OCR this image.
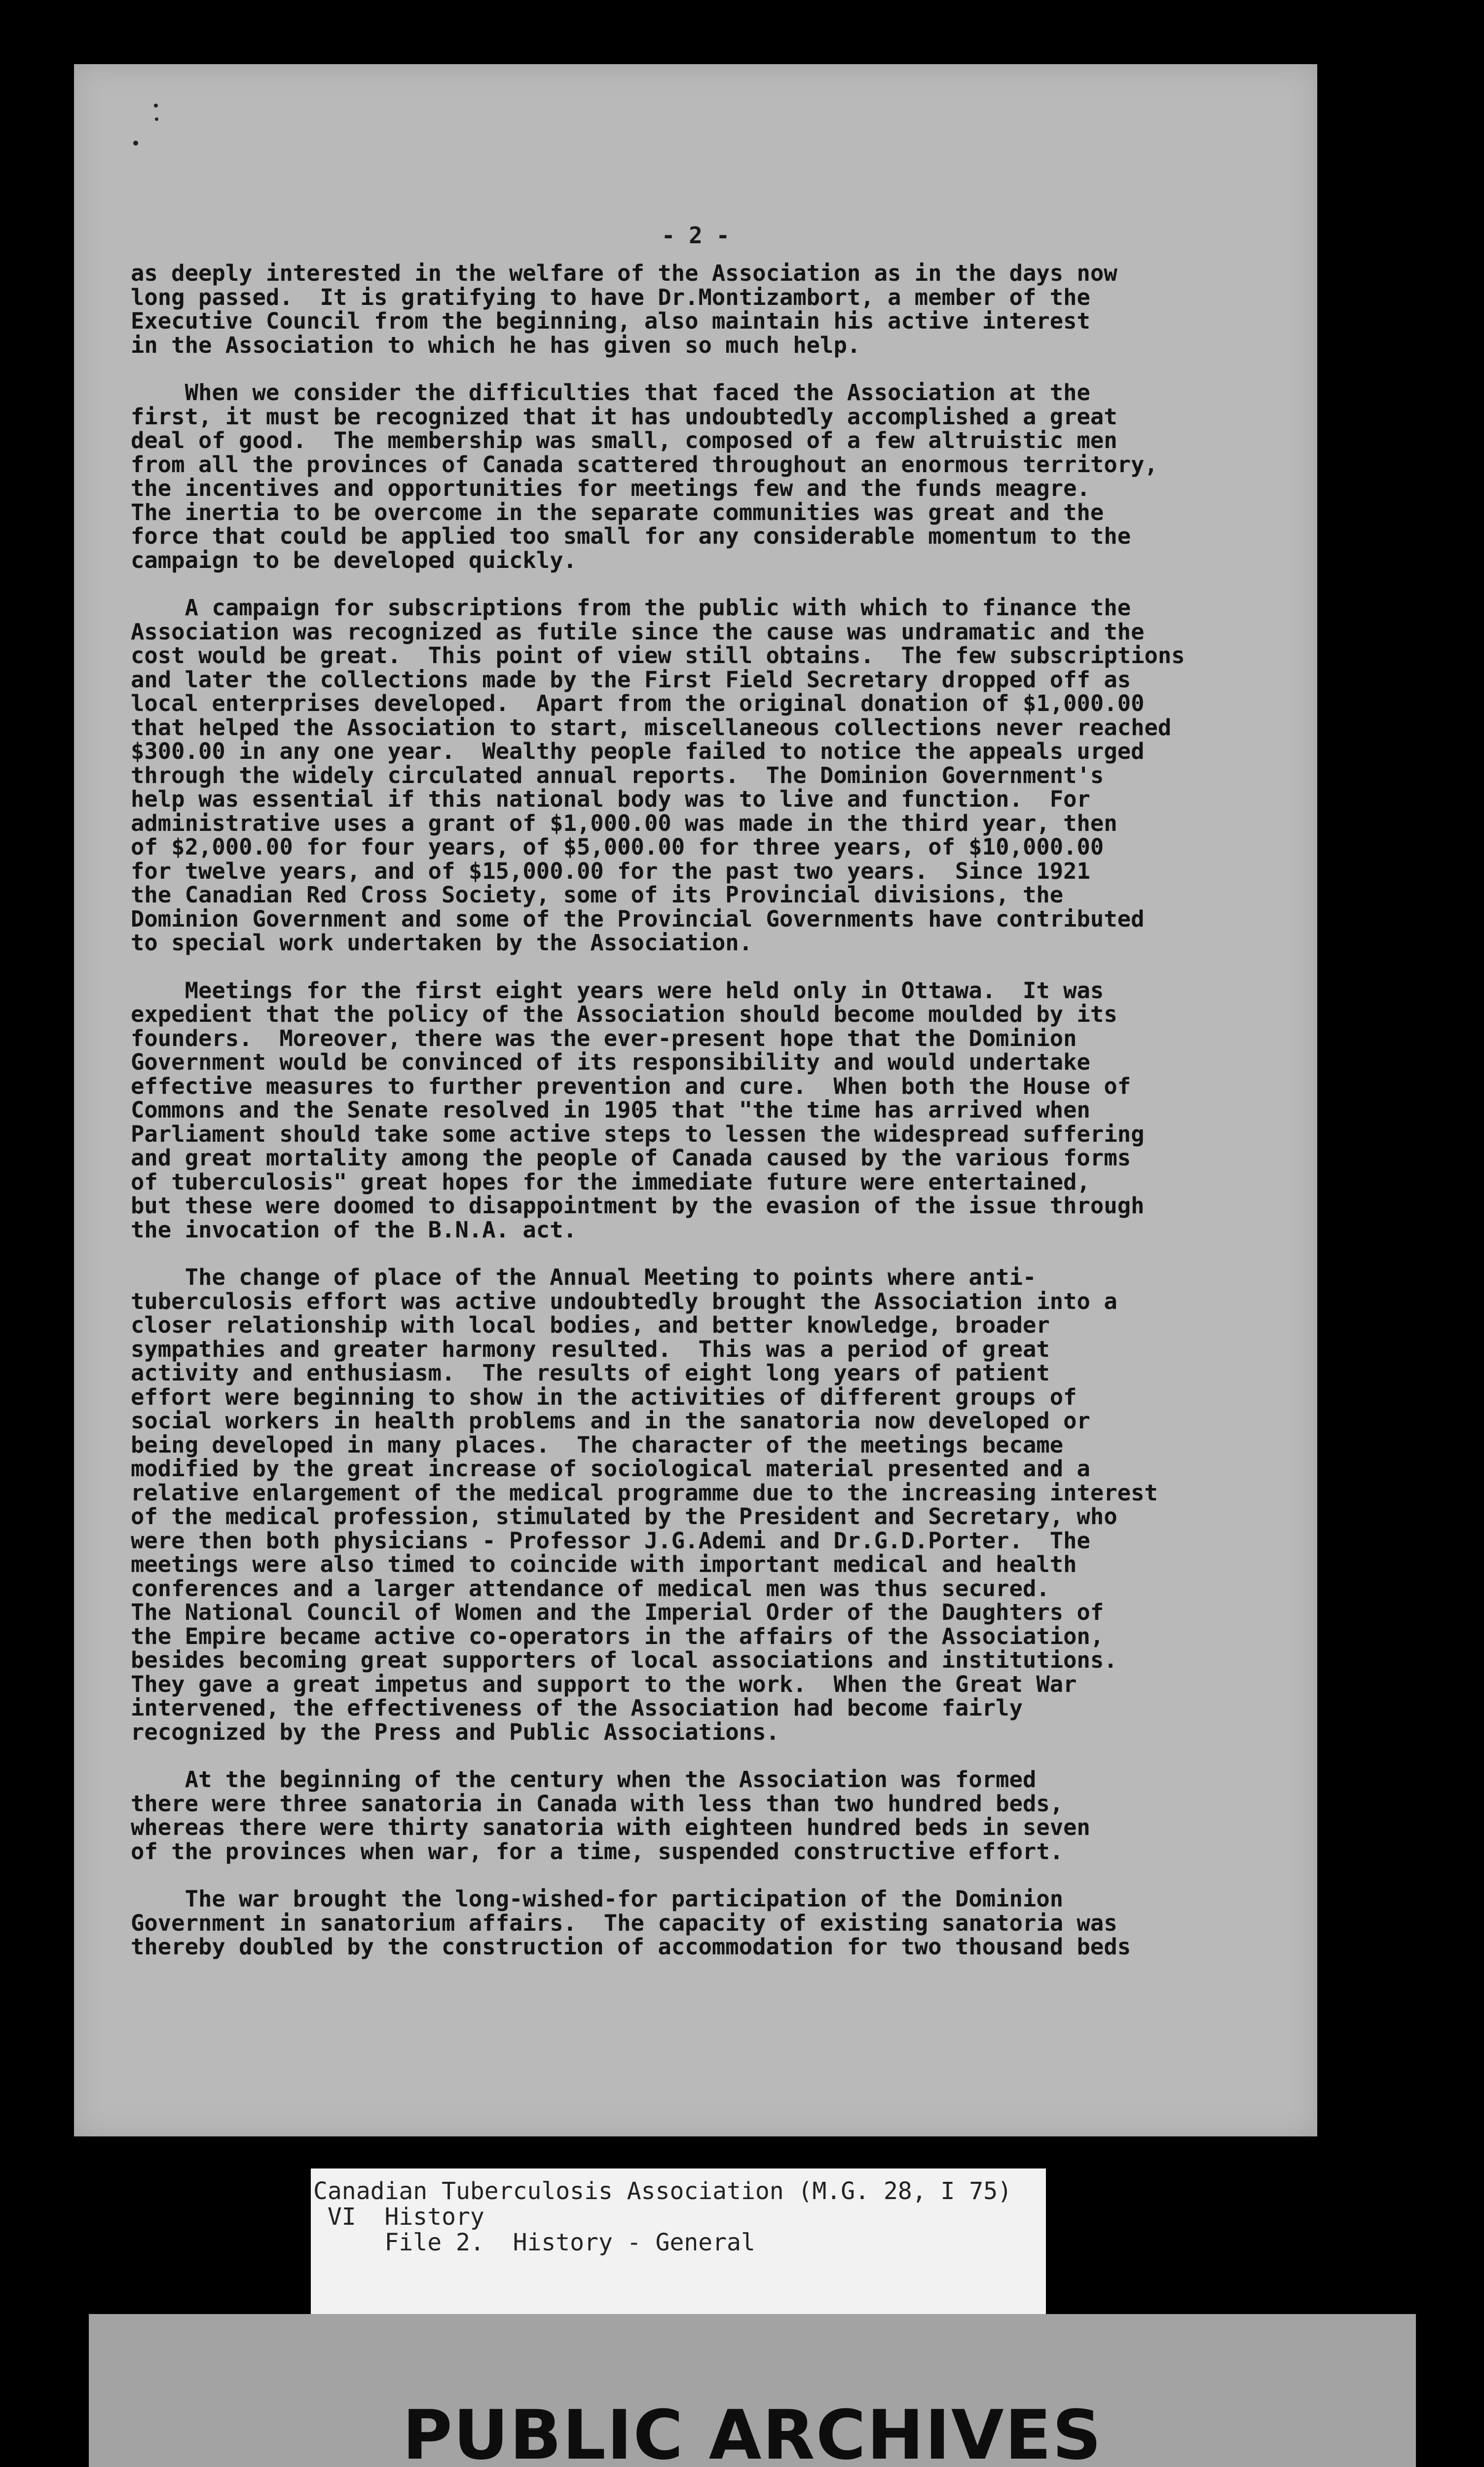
- 2 -
as deeply interested in the welfare of the Association as in the days now
long passed.  It is gratifying to have Dr.Montizambort, a member of the
Executive Council from the beginning, also maintain his active interest
in the Association to which he has given so much help.
When we consider the difficulties that faced the Association at the
first, it must be recognized that it has undoubtedly accomplished a great
deal of good.  The membership was small, composed of a few altruistic men
from all the provinces of Canada scattered throughout an enormous territory,
the incentives and opportunities for meetings few and the funds meagre.
The inertia to be overcome in the separate communities was great and the
force that could be applied too small for any considerable momentum to the
campaign to be developed quickly.
A campaign for subscriptions from the public with which to finance the
Association was recognized as futile since the cause was undramatic and the
cost would be great.  This point of view still obtains.  The few subscriptions
and later the collections made by the First Field Secretary dropped off as
local enterprises developed.  Apart from the original donation of $1,000.00
that helped the Association to start, miscellaneous collections never reached
$300.00 in any one year.  Wealthy people failed to notice the appeals urged
through the widely circulated annual reports.  The Dominion Government's
help was essential if this national body was to live and function.  For
administrative uses a grant of $1,000.00 was made in the third year, then
of $2,000.00 for four years, of $5,000.00 for three years, of $10,000.00
for twelve years, and of $15,000.00 for the past two years.  Since 1921
the Canadian Red Cross Society, some of its Provincial divisions, the
Dominion Government and some of the Provincial Governments have contributed
to special work undertaken by the Association.
Meetings for the first eight years were held only in Ottawa.  It was
expedient that the policy of the Association should become moulded by its
founders.  Moreover, there was the ever-present hope that the Dominion
Government would be convinced of its responsibility and would undertake
effective measures to further prevention and cure.  When both the House of
Commons and the Senate resolved in 1905 that "the time has arrived when
Parliament should take some active steps to lessen the widespread suffering
and great mortality among the people of Canada caused by the various forms
of tuberculosis" great hopes for the immediate future were entertained,
but these were doomed to disappointment by the evasion of the issue through
the invocation of the B.N.A. act.
The change of place of the Annual Meeting to points where anti-
tuberculosis effort was active undoubtedly brought the Association into a
closer relationship with local bodies, and better knowledge, broader
sympathies and greater harmony resulted.  This was a period of great
activity and enthusiasm.  The results of eight long years of patient
effort were beginning to show in the activities of different groups of
social workers in health problems and in the sanatoria now developed or
being developed in many places.  The character of the meetings became
modified by the great increase of sociological material presented and a
relative enlargement of the medical programme due to the increasing interest
of the medical profession, stimulated by the President and Secretary, who
were then both physicians - Professor J.G.Ademi and Dr.G.D.Porter.  The
meetings were also timed to coincide with important medical and health
conferences and a larger attendance of medical men was thus secured.
The National Council of Women and the Imperial Order of the Daughters of
the Empire became active co-operators in the affairs of the Association,
besides becoming great supporters of local associations and institutions.
They gave a great impetus and support to the work.  When the Great War
intervened, the effectiveness of the Association had become fairly
recognized by the Press and Public Associations.
At the beginning of the century when the Association was formed
there were three sanatoria in Canada with less than two hundred beds,
whereas there were thirty sanatoria with eighteen hundred beds in seven
of the provinces when war, for a time, suspended constructive effort.
The war brought the long-wished-for participation of the Dominion
Government in sanatorium affairs.  The capacity of existing sanatoria was
thereby doubled by the construction of accommodation for two thousand beds
Canadian Tuberculosis Association (M.G. 28, I 75)
VI  History
File 2.  History - General
PUBLIC ARCHIVES
